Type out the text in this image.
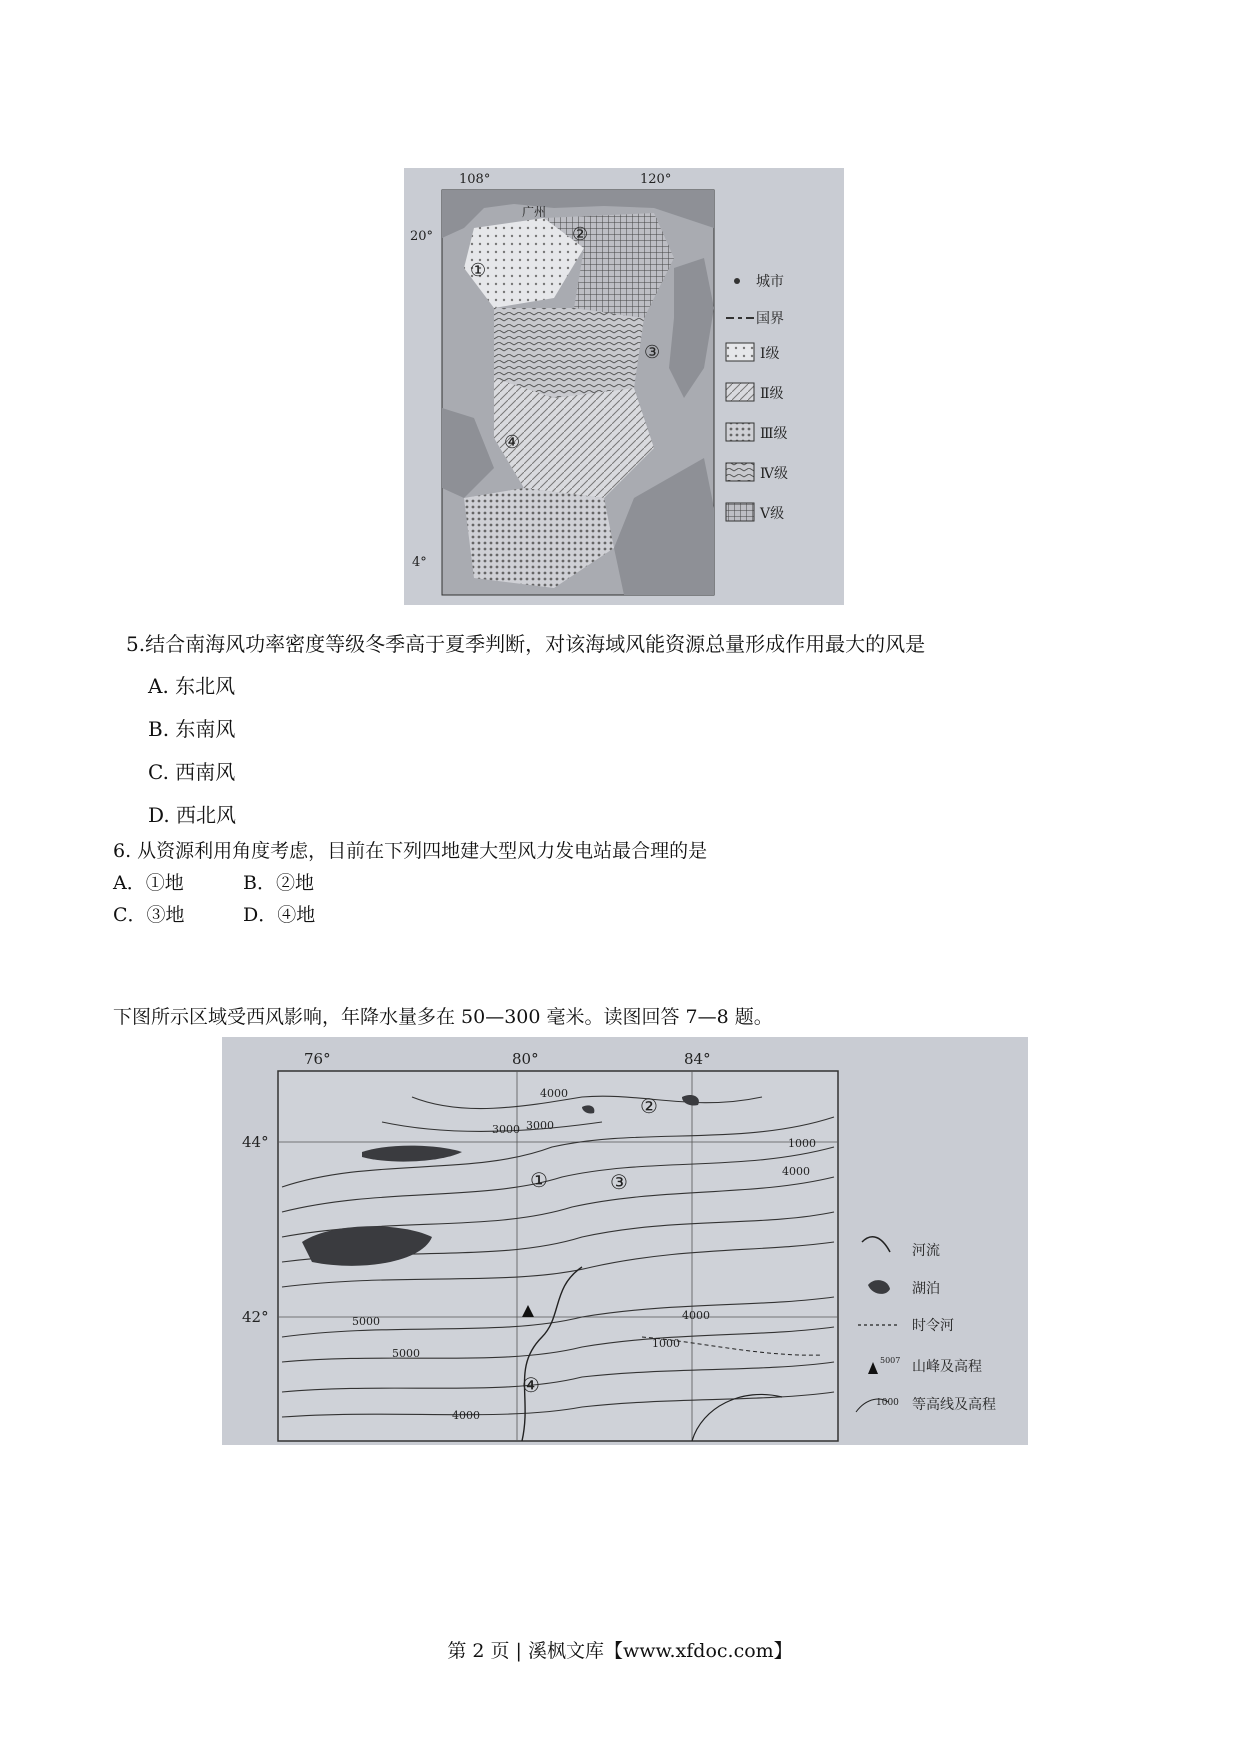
108°	120°
20°
4°
广州
①
②
③
④
城市
国界
Ⅰ级
Ⅱ级
Ⅲ级
Ⅳ级
Ⅴ级
5.结合南海风功率密度等级冬季高于夏季判断，对该海域风能资源总量形成作用最大的风是
A. 东北风
B. 东南风
C. 西南风
D. 西北风
6. 从资源利用角度考虑，目前在下列四地建大型风力发电站最合理的是
A．①地	B．②地
C．③地	D．④地
下图所示区域受西风影响，年降水量多在 50—300 毫米。读图回答 7—8 题。
76°	80°	84°
44°
42°
①
②
③
④
3000
4000
1000
4000
5000
5000
4000
1000
4000
3000
河流
湖泊
时令河
5007 山峰及高程
1000 等高线及高程
第 2 页 | 溪枫文库【www.xfdoc.com】
